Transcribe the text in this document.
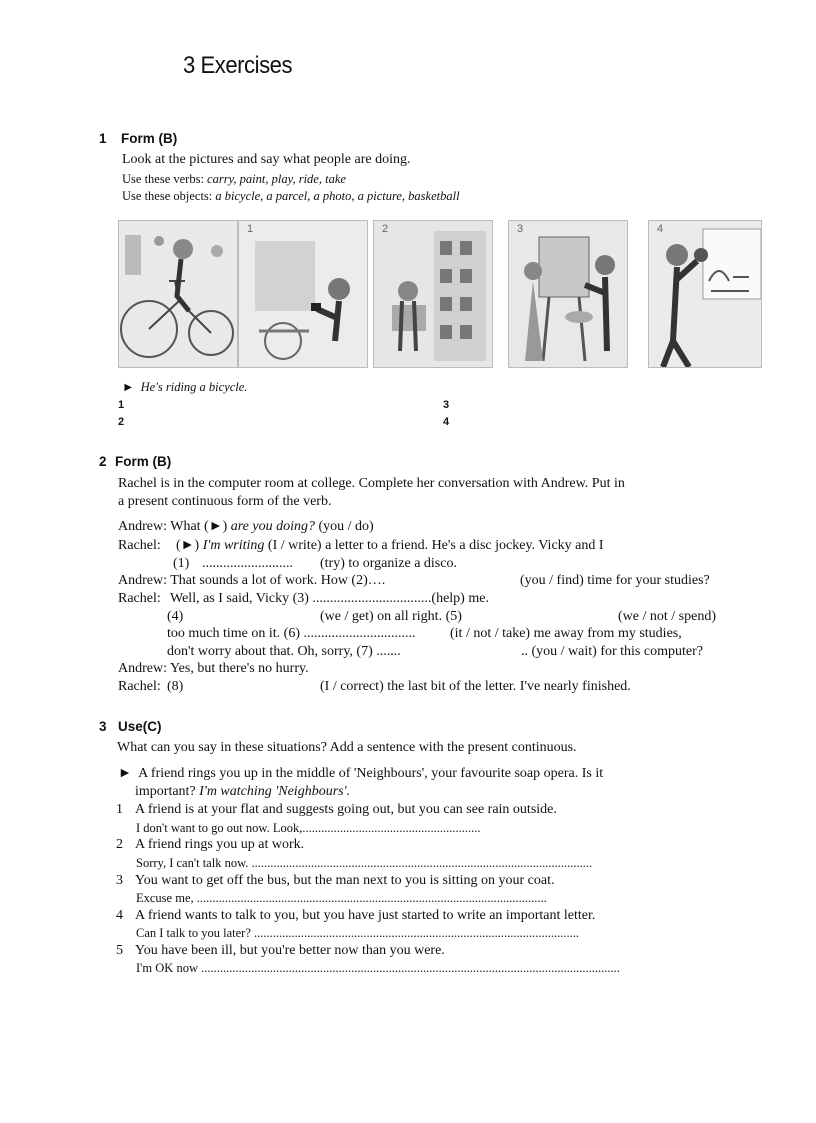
3 Exercises
1 Form (B)
Look at the pictures and say what people are doing.
Use these verbs: carry, paint, play, ride, take
Use these objects: a bicycle, a parcel, a photo, a picture, basketball
1	2	3	4
► He's riding a bicycle.
1	3
2	4
2 Form (B)
Rachel is in the computer room at college. Complete her conversation with Andrew. Put in
a present continuous form of the verb.
Andrew: What (►) are you doing? (you / do)
Rachel: (►) I'm writing (I / write) a letter to a friend. He's a disc jockey. Vicky and I
(1) .......................... (try) to organize a disco.
Andrew: That sounds a lot of work. How (2)….	(you / find) time for your studies?
Rachel: Well, as I said, Vicky (3) ..................................(help) me.
(4)	(we / get) on all right. (5)	(we / not / spend)
too much time on it. (6) ................................ (it / not / take) me away from my studies,
don't worry about that. Oh, sorry, (7) .......	.. (you / wait) for this computer?
Andrew: Yes, but there's no hurry.
Rachel: (8)	(I / correct) the last bit of the letter. I've nearly finished.
3 Use(C)
What can you say in these situations? Add a sentence with the present continuous.
► A friend rings you up in the middle of 'Neighbours', your favourite soap opera. Is it
important? I'm watching 'Neighbours'.
1 A friend is at your flat and suggests going out, but you can see rain outside.
I don't want to go out now. Look,.........................................................
2 A friend rings you up at work.
Sorry, I can't talk now. .............................................................................................................
3 You want to get off the bus, but the man next to you is sitting on your coat.
Excuse me, ................................................................................................................
4 A friend wants to talk to you, but you have just started to write an important letter.
Can I talk to you later? ........................................................................................................
5 You have been ill, but you're better now than you were.
I'm OK now ......................................................................................................................................
